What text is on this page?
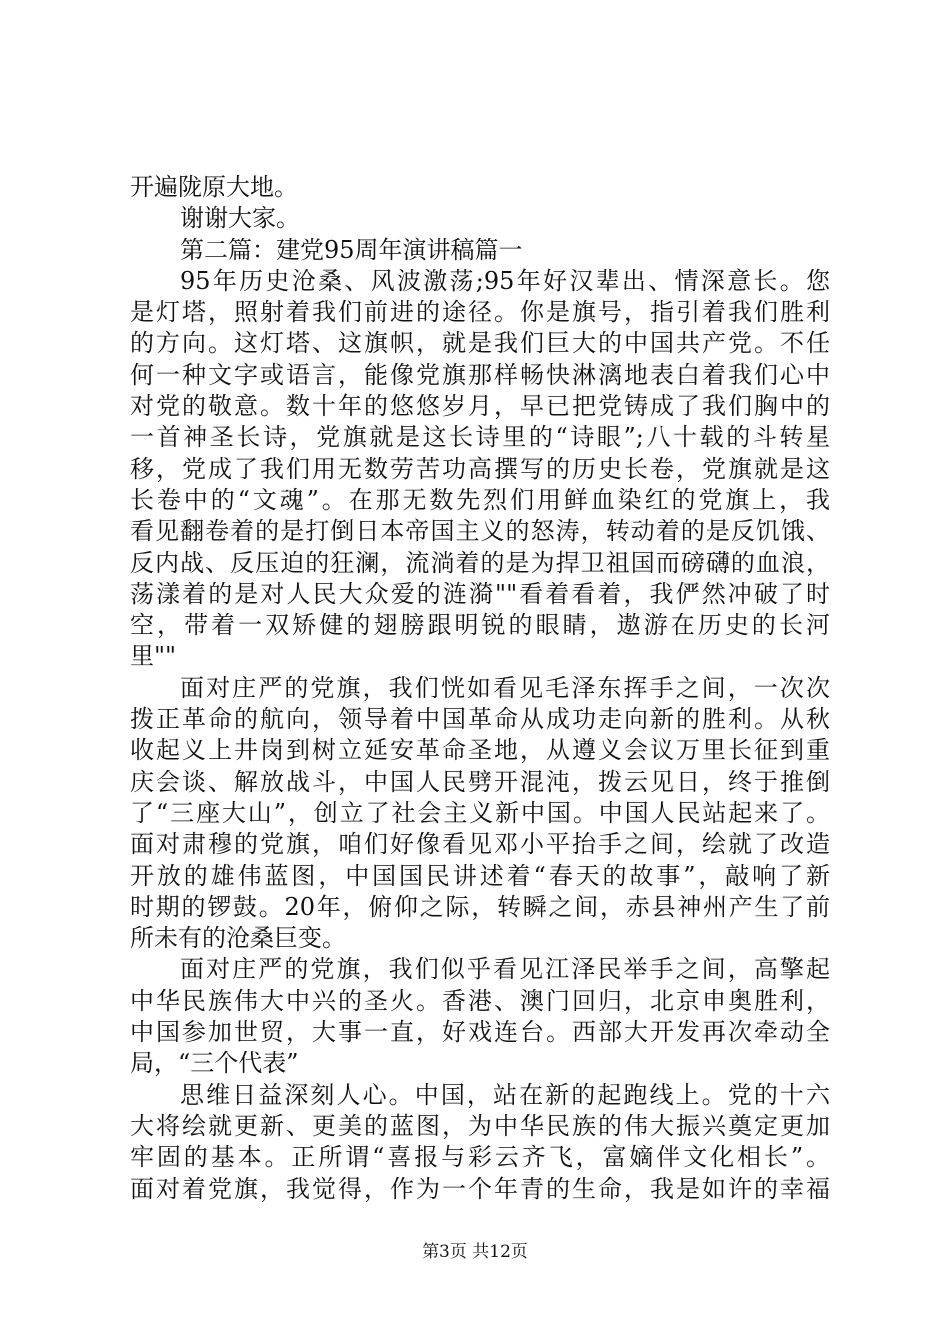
开遍陇原大地。
谢谢大家。
第二篇：建党95周年演讲稿篇一
95年历史沧桑、风波激荡;95年好汉辈出、情深意长。您
是灯塔，照射着我们前进的途径。你是旗号，指引着我们胜利
的方向。这灯塔、这旗帜，就是我们巨大的中国共产党。不任
何一种文字或语言，能像党旗那样畅快淋漓地表白着我们心中
对党的敬意。数十年的悠悠岁月，早已把党铸成了我们胸中的
一首神圣长诗，党旗就是这长诗里的“诗眼”;八十载的斗转星
移，党成了我们用无数劳苦功高撰写的历史长卷，党旗就是这
长卷中的“文魂”。在那无数先烈们用鲜血染红的党旗上，我
看见翻卷着的是打倒日本帝国主义的怒涛，转动着的是反饥饿、
反内战、反压迫的狂澜，流淌着的是为捍卫祖国而磅礴的血浪，
荡漾着的是对人民大众爱的涟漪""看着看着，我俨然冲破了时
空，带着一双矫健的翅膀跟明锐的眼睛，遨游在历史的长河
里""
面对庄严的党旗，我们恍如看见毛泽东挥手之间，一次次
拨正革命的航向，领导着中国革命从成功走向新的胜利。从秋
收起义上井岗到树立延安革命圣地，从遵义会议万里长征到重
庆会谈、解放战斗，中国人民劈开混沌，拨云见日，终于推倒
了“三座大山”，创立了社会主义新中国。中国人民站起来了。
面对肃穆的党旗，咱们好像看见邓小平抬手之间，绘就了改造
开放的雄伟蓝图，中国国民讲述着“春天的故事”，敲响了新
时期的锣鼓。20年，俯仰之际，转瞬之间，赤县神州产生了前
所未有的沧桑巨变。
面对庄严的党旗，我们似乎看见江泽民举手之间，高擎起
中华民族伟大中兴的圣火。香港、澳门回归，北京申奥胜利，
中国参加世贸，大事一直，好戏连台。西部大开发再次牵动全
局，“三个代表”
思维日益深刻人心。中国，站在新的起跑线上。党的十六
大将绘就更新、更美的蓝图，为中华民族的伟大振兴奠定更加
牢固的基本。正所谓“喜报与彩云齐飞，富嫡伴文化相长”。
面对着党旗，我觉得，作为一个年青的生命，我是如许的幸福
第3页 共12页
